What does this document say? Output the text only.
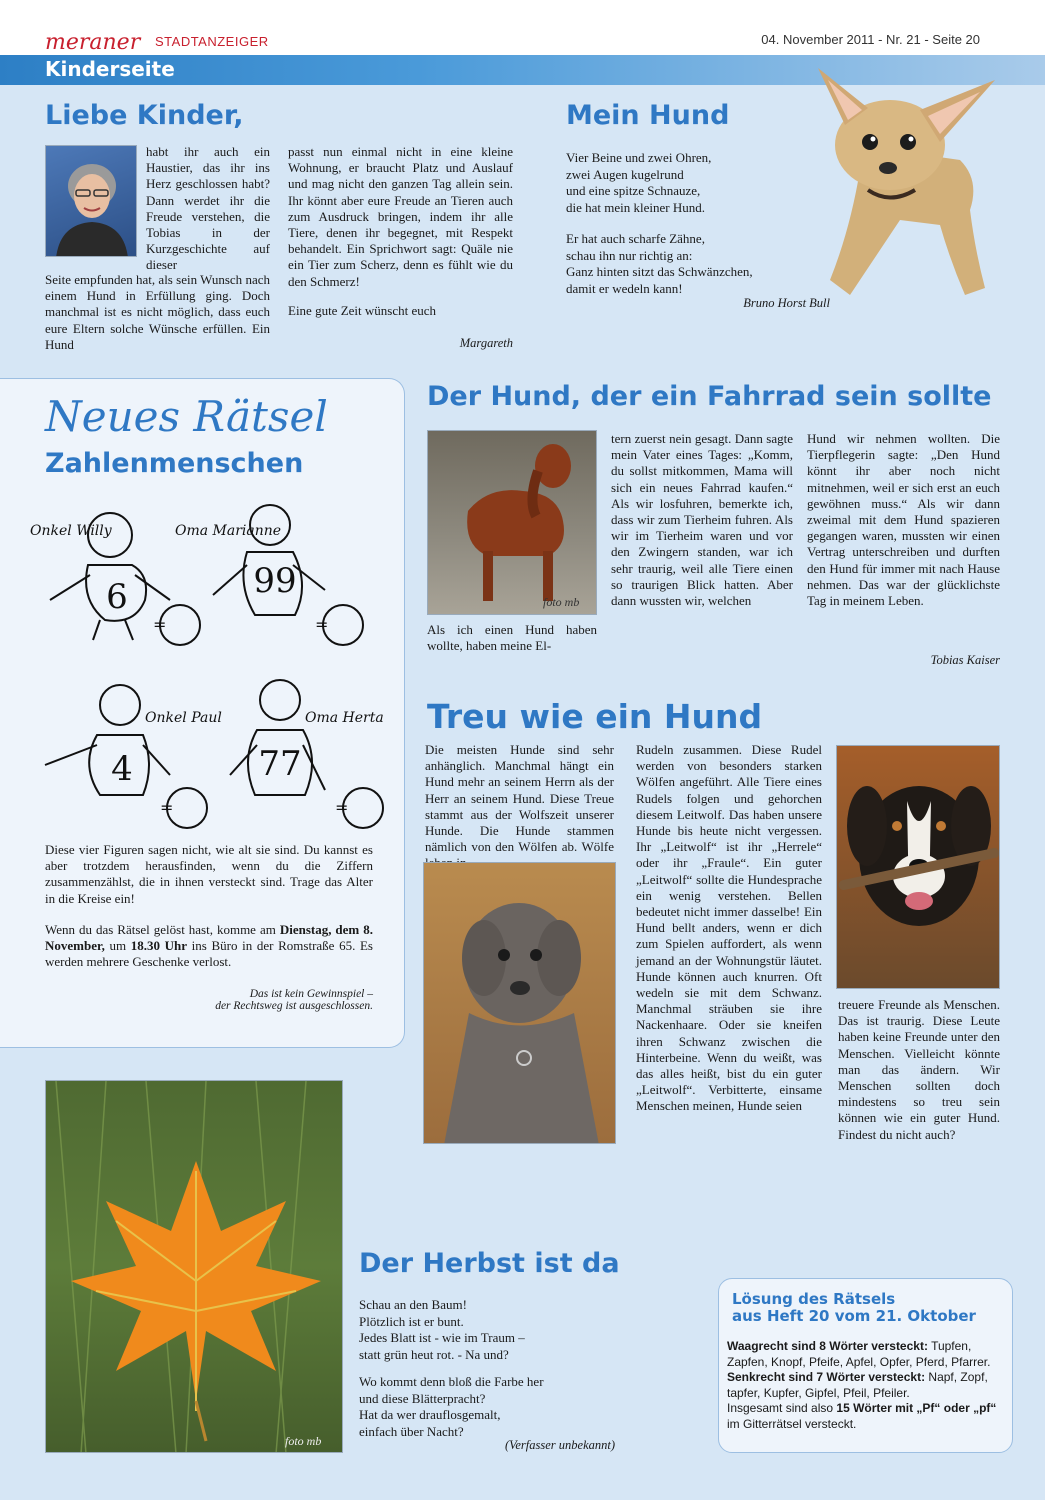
meraner STADTANZEIGER	04. November 2011 - Nr. 21 - Seite 20
Kinderseite
Liebe Kinder,
habt ihr auch ein Haustier, das ihr ins Herz geschlossen habt? Dann werdet ihr die Freude verstehen, die Tobias in der Kurzgeschichte auf dieser
Seite empfunden hat, als sein Wunsch nach einem Hund in Erfüllung ging. Doch manchmal ist es nicht möglich, dass euch eure Eltern solche Wünsche erfüllen. Ein Hund
passt nun einmal nicht in eine kleine Wohnung, er braucht Platz und Auslauf und mag nicht den ganzen Tag allein sein. Ihr könnt aber eure Freude an Tieren auch zum Ausdruck bringen, indem ihr alle Tiere, denen ihr begegnet, mit Respekt behandelt. Ein Sprichwort sagt: Quäle nie ein Tier zum Scherz, denn es fühlt wie du den Schmerz!
Eine gute Zeit wünscht euch
Margareth
Mein Hund
Vier Beine und zwei Ohren,
zwei Augen kugelrund
und eine spitze Schnauze,
die hat mein kleiner Hund.
Er hat auch scharfe Zähne,
schau ihn nur richtig an:
Ganz hinten sitzt das Schwänzchen,
damit er wedeln kann!
Bruno Horst Bull
Neues Rätsel
Zahlenmenschen
6	99
4	77
Onkel Willy	Oma Marianne
Onkel Paul	Oma Herta
=	=
=	=
Diese vier Figuren sagen nicht, wie alt sie sind. Du kannst es aber trotzdem herausfinden, wenn du die Ziffern zusammenzählst, die in ihnen versteckt sind. Trage das Alter in die Kreise ein!
Wenn du das Rätsel gelöst hast, komme am Dienstag, dem 8. November, um 18.30 Uhr ins Büro in der Romstraße 65. Es werden mehrere Geschenke verlost.
Das ist kein Gewinnspiel –
der Rechtsweg ist ausgeschlossen.
Der Hund, der ein Fahrrad sein sollte
foto mb
Als ich einen Hund haben wollte, haben meine El-
tern zuerst nein gesagt. Dann sagte mein Vater eines Tages: „Komm, du sollst mitkommen, Mama will sich ein neues Fahrrad kaufen.“ Als wir losfuhren, bemerkte ich, dass wir zum Tierheim fuhren. Als wir im Tierheim waren und vor den Zwingern standen, war ich sehr traurig, weil alle Tiere einen so traurigen Blick hatten. Aber dann wussten wir, welchen
Hund wir nehmen wollten. Die Tierpflegerin sagte: „Den Hund könnt ihr aber noch nicht mitnehmen, weil er sich erst an euch gewöhnen muss.“ Als wir dann zweimal mit dem Hund spazieren gegangen waren, mussten wir einen Vertrag unterschreiben und durften den Hund für immer mit nach Hause nehmen. Das war der glücklichste Tag in meinem Leben.
Tobias Kaiser
Treu wie ein Hund
Die meisten Hunde sind sehr anhänglich. Manchmal hängt ein Hund mehr an seinem Herrn als der Herr an seinem Hund. Diese Treue stammt aus der Wolfszeit unserer Hunde. Die Hunde stammen nämlich von den Wölfen ab. Wölfe
Rudeln zusammen. Diese Rudel werden von besonders starken Wölfen angeführt. Alle Tiere eines Rudels folgen und gehorchen diesem Leitwolf. Das haben unsere Hunde bis heute nicht vergessen. Ihr „Leitwolf“ ist ihr „Herrele“ oder ihr „Fraule“. Ein guter „Leitwolf“ sollte die Hundesprache ein wenig verstehen. Bellen bedeutet nicht immer dasselbe! Ein Hund bellt anders, wenn er dich zum Spielen auffordert, als wenn jemand an der Wohnungstür läutet. Hunde können auch knurren. Oft wedeln sie mit dem Schwanz. Manchmal sträuben sie ihre Nackenhaare. Oder sie kneifen ihren Schwanz zwischen die Hinterbeine. Wenn du weißt, was das alles heißt, bist du ein guter „Leitwolf“. Verbitterte, einsame Menschen meinen, Hunde seien
treuere Freunde als Menschen. Das ist traurig. Diese Leute haben keine Freunde unter den Menschen. Vielleicht könnte man das ändern. Wir Menschen sollten doch mindestens so treu sein können wie ein guter Hund. Findest du nicht auch?
foto mb
Der Herbst ist da
Schau an den Baum!
Plötzlich ist er bunt.
Jedes Blatt ist - wie im Traum –
statt grün heut rot. - Na und?
Wo kommt denn bloß die Farbe her
und diese Blätterpracht?
Hat da wer drauflosgemalt,
einfach über Nacht?
(Verfasser unbekannt)
Lösung des Rätsels
aus Heft 20 vom 21. Oktober
Waagrecht sind 8 Wörter versteckt: Tupfen, Zapfen, Knopf, Pfeife, Apfel, Opfer, Pferd, Pfarrer.
Senkrecht sind 7 Wörter versteckt: Napf, Zopf, tapfer, Kupfer, Gipfel, Pfeil, Pfeiler.
Insgesamt sind also 15 Wörter mit „Pf“ oder „pf“ im Gitterrätsel versteckt.
